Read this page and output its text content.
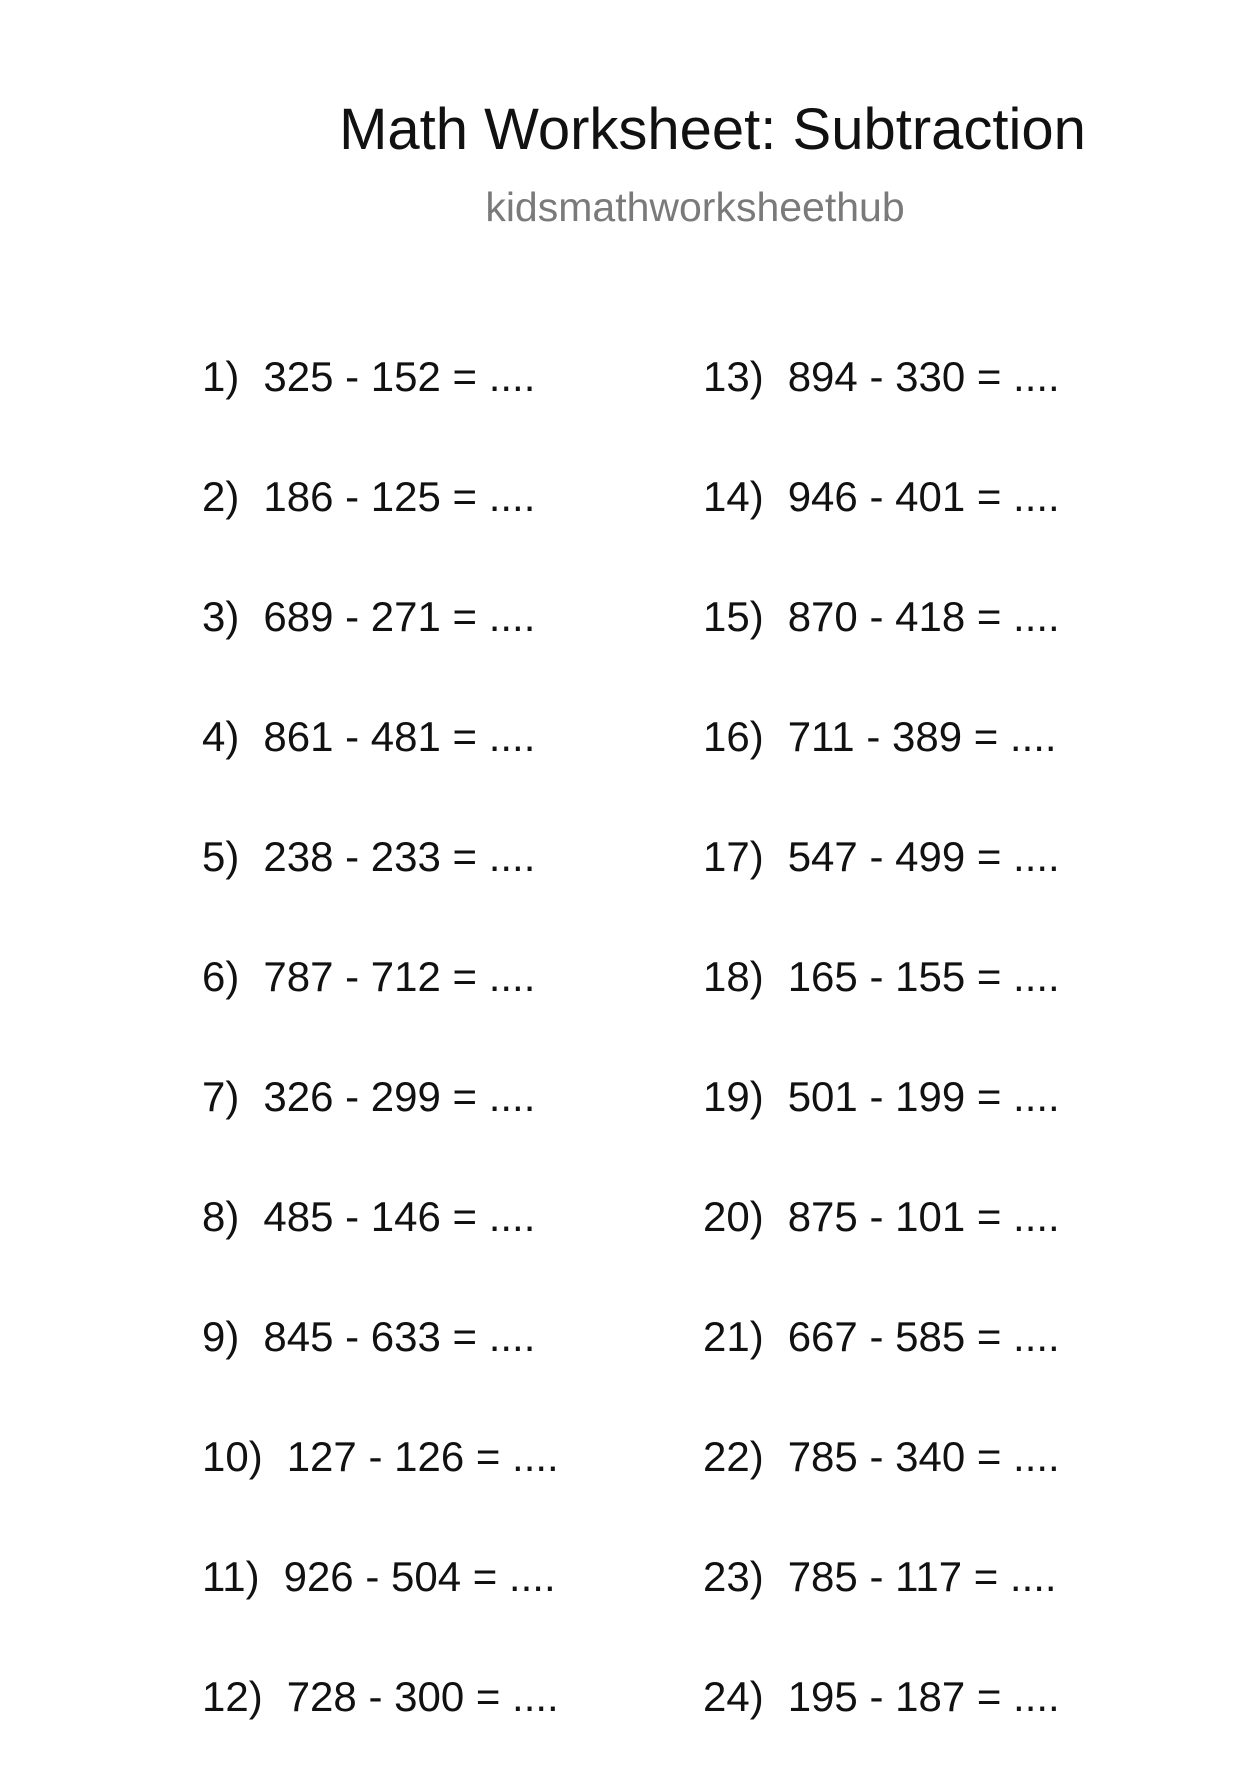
Math Worksheet: Subtraction
kidsmathworksheethub
1) 325 - 152 = ....
2) 186 - 125 = ....
3) 689 - 271 = ....
4) 861 - 481 = ....
5) 238 - 233 = ....
6) 787 - 712 = ....
7) 326 - 299 = ....
8) 485 - 146 = ....
9) 845 - 633 = ....
10) 127 - 126 = ....
11) 926 - 504 = ....
12) 728 - 300 = ....
13) 894 - 330 = ....
14) 946 - 401 = ....
15) 870 - 418 = ....
16) 711 - 389 = ....
17) 547 - 499 = ....
18) 165 - 155 = ....
19) 501 - 199 = ....
20) 875 - 101 = ....
21) 667 - 585 = ....
22) 785 - 340 = ....
23) 785 - 117 = ....
24) 195 - 187 = ....
